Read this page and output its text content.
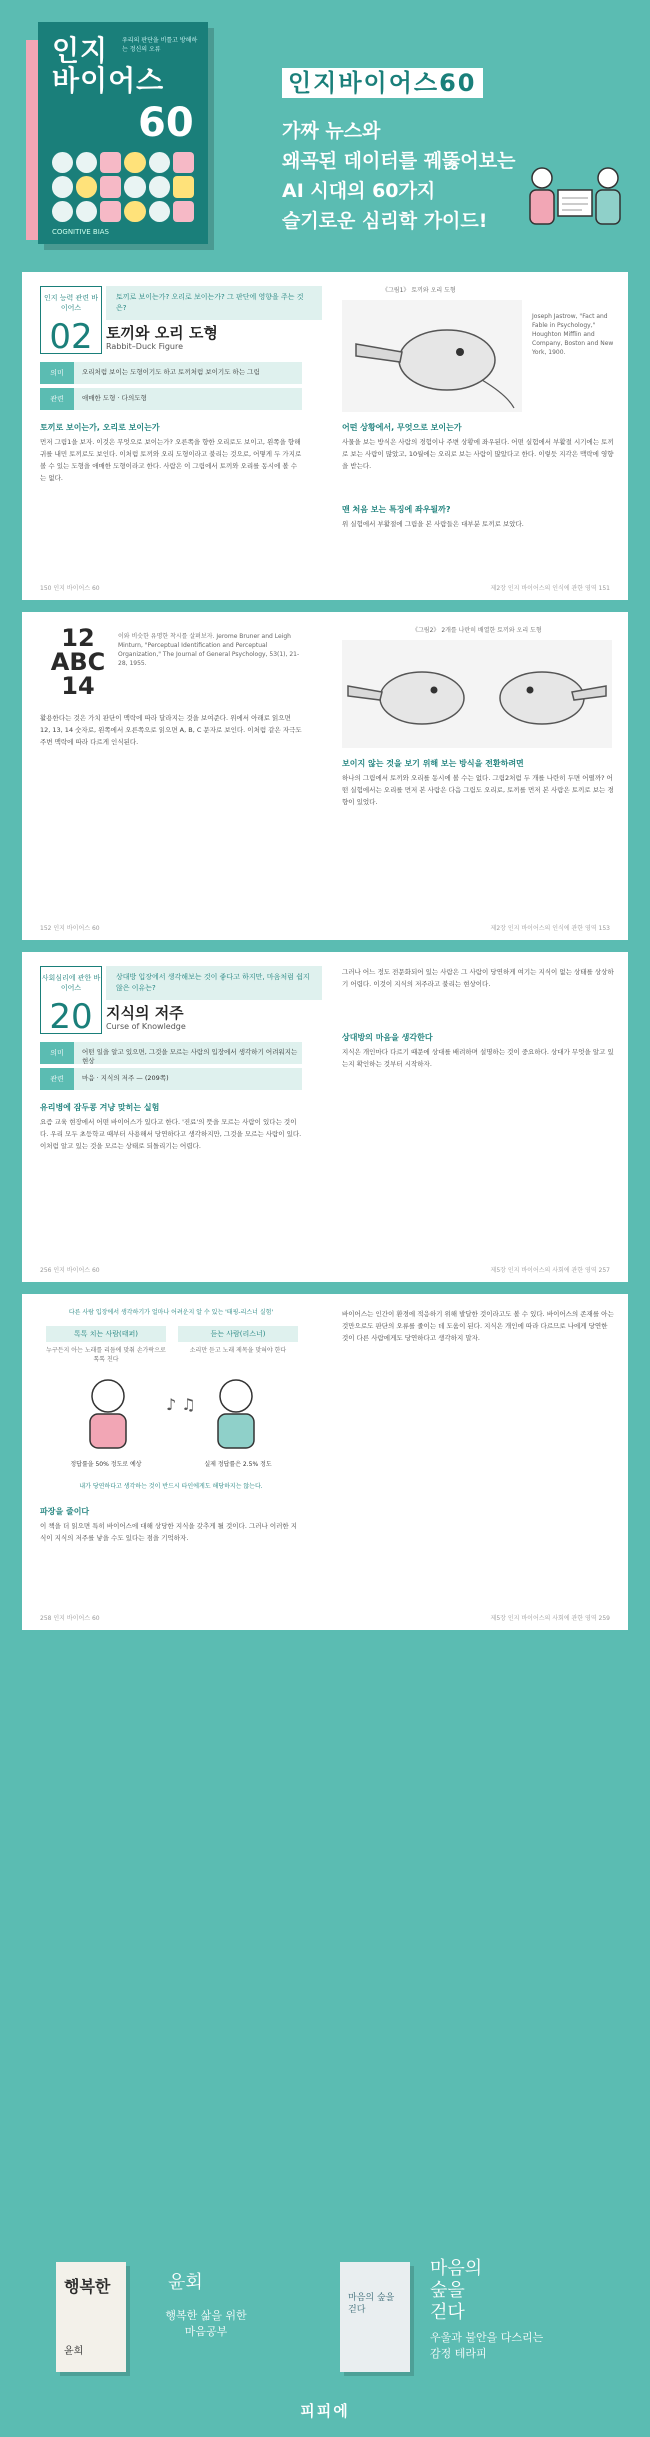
인지
바이어스
60
우리의 판단을 비틀고 방해하는 정신의 오류
COGNITIVE BIAS
인지바이어스60
가짜 뉴스와
왜곡된 데이터를 꿰뚫어보는
AI 시대의 60가지
슬기로운 심리학 가이드!
인지 능력 관련 바이어스
02
토끼로 보이는가? 오리로 보이는가? 그 판단에 영향을 주는 것은?
토끼와 오리 도형
Rabbit–Duck Figure
의미	오리처럼 보이는 도형이기도 하고 토끼처럼 보이기도 하는 그림
관련	애매한 도형 · 다의도형
토끼로 보이는가, 오리로 보이는가
먼저 그림1을 보자. 이것은 무엇으로 보이는가? 오른쪽을 향한 오리로도 보이고, 왼쪽을 향해 귀를 내민 토끼로도 보인다. 이처럼 토끼와 오리 도형이라고 불리는 것으로, 어떻게 두 가지로 볼 수 있는 도형을 애매한 도형이라고 한다. 사람은 이 그림에서 토끼와 오리를 동시에 볼 수는 없다.
《그림1》 토끼와 오리 도형
Joseph Jastrow, "Fact and Fable in Psychology," Houghton Mifflin and Company, Boston and New York, 1900.
어떤 상황에서, 무엇으로 보이는가
사물을 보는 방식은 사람의 경험이나 주변 상황에 좌우된다. 어떤 실험에서 부활절 시기에는 토끼로 보는 사람이 많았고, 10월에는 오리로 보는 사람이 많았다고 한다. 이렇듯 지각은 맥락에 영향을 받는다.
맨 처음 보는 특징에 좌우될까?
위 실험에서 부활절에 그림을 본 사람들은 대부분 토끼로 보았다.
150 인지 바이어스 60	제2장 인지 바이어스의 인식에 관한 영역 151
12
ABC
14
이와 비슷한 유명한 착시를 살펴보자. Jerome Bruner and Leigh Minturn, "Perceptual Identification and Perceptual Organization," The Journal of General Psychology, 53(1), 21-28, 1955.
활용한다는 것은 가치 판단이 맥락에 따라 달라지는 것을 보여준다. 위에서 아래로 읽으면 12, 13, 14 숫자로, 왼쪽에서 오른쪽으로 읽으면 A, B, C 문자로 보인다. 이처럼 같은 자극도 주변 맥락에 따라 다르게 인식된다.
《그림2》 2개를 나란히 배열한 토끼와 오리 도형
보이지 않는 것을 보기 위해 보는 방식을 전환하려면
하나의 그림에서 토끼와 오리를 동시에 볼 수는 없다. 그림2처럼 두 개를 나란히 두면 어떨까? 어떤 실험에서는 오리를 먼저 본 사람은 다음 그림도 오리로, 토끼를 먼저 본 사람은 토끼로 보는 경향이 있었다.
152 인지 바이어스 60	제2장 인지 바이어스의 인식에 관한 영역 153
사회심리에 관한 바이어스
20
상대방 입장에서 생각해보는 것이 좋다고 하지만, 마음처럼 쉽지 않은 이유는?
지식의 저주
Curse of Knowledge
의미	어떤 일을 알고 있으면, 그것을 모르는 사람의 입장에서 생각하기 어려워지는 현상
관련	마음 · 지식의 저주 — (209쪽)
유리병에 잠두콩 겨냥 맞히는 실험
요즘 교육 현장에서 어떤 바이어스가 있다고 한다. '진료'의 뜻을 모르는 사람이 있다는 것이다. 우리 모두 초등학교 때부터 사용해서 당연하다고 생각하지만, 그것을 모르는 사람이 있다. 이처럼 알고 있는 것을 모르는 상태로 되돌리기는 어렵다.
그러나 어느 정도 전문화되어 있는 사람은 그 사람이 당연하게 여기는 지식이 없는 상태를 상상하기 어렵다. 이것이 지식의 저주라고 불리는 현상이다.
상대방의 마음을 생각한다
지식은 개인마다 다르기 때문에 상대를 배려하며 설명하는 것이 중요하다. 상대가 무엇을 알고 있는지 확인하는 것부터 시작하자.
256 인지 바이어스 60	제5장 인지 바이어스의 사회에 관한 영역 257
다른 사람 입장에서 생각하기가 얼마나 어려운지 알 수 있는 '태핑-리스너 실험'
톡톡 치는 사람(태퍼)	듣는 사람(리스너)
누구든지 아는 노래를 리듬에 맞춰 손가락으로 톡톡 친다
소리만 듣고 노래 제목을 맞혀야 한다
♪ ♫
정답률을 50% 정도로 예상	실제 정답률은 2.5% 정도
내가 당연하다고 생각하는 것이 반드시 타인에게도 해당하지는 않는다.
파장을 줄이다
이 책을 더 읽으면 특히 바이어스에 대해 상당한 지식을 갖추게 될 것이다. 그러나 이러한 지식이 지식의 저주를 낳을 수도 있다는 점을 기억하자.
바이어스는 인간이 환경에 적응하기 위해 발달한 것이라고도 볼 수 있다. 바이어스의 존재를 아는 것만으로도 판단의 오류를 줄이는 데 도움이 된다. 지식은 개인에 따라 다르므로 나에게 당연한 것이 다른 사람에게도 당연하다고 생각하지 말자.
258 인지 바이어스 60	제5장 인지 바이어스의 사회에 관한 영역 259
행복한
윤희
윤회
행복한 삶을 위한
마음공부
마음의 숲을 걷다
마음의
숲을
걷다
우울과 불안을 다스리는
감정 테라피
피피에
